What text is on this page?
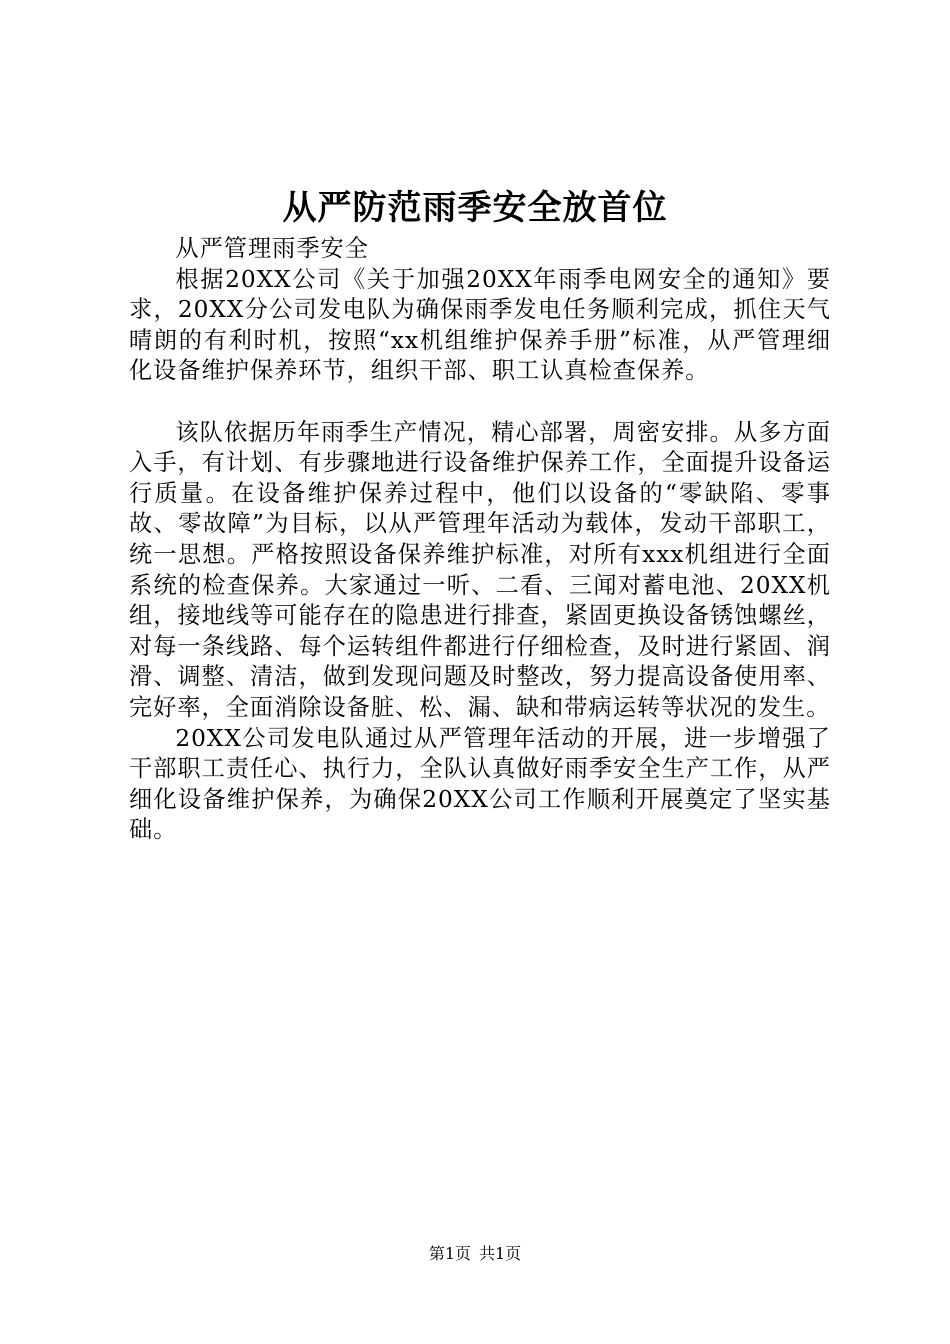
从严防范雨季安全放首位

从严管理雨季安全

根据20XX公司《关于加强20XX年雨季电网安全的通知》要求，20XX分公司发电队为确保雨季发电任务顺利完成，抓住天气晴朗的有利时机，按照“xx机组维护保养手册”标准，从严管理细化设备维护保养环节，组织干部、职工认真检查保养。

该队依据历年雨季生产情况，精心部署，周密安排。从多方面入手，有计划、有步骤地进行设备维护保养工作，全面提升设备运行质量。在设备维护保养过程中，他们以设备的“零缺陷、零事故、零故障”为目标，以从严管理年活动为载体，发动干部职工，统一思想。严格按照设备保养维护标准，对所有xxx机组进行全面系统的检查保养。大家通过一听、二看、三闻对蓄电池、20XX机组，接地线等可能存在的隐患进行排查，紧固更换设备锈蚀螺丝，对每一条线路、每个运转组件都进行仔细检查，及时进行紧固、润滑、调整、清洁，做到发现问题及时整改，努力提高设备使用率、完好率，全面消除设备脏、松、漏、缺和带病运转等状况的发生。

20XX公司发电队通过从严管理年活动的开展，进一步增强了干部职工责任心、执行力，全队认真做好雨季安全生产工作，从严细化设备维护保养，为确保20XX公司工作顺利开展奠定了坚实基础。

第1页 共1页
